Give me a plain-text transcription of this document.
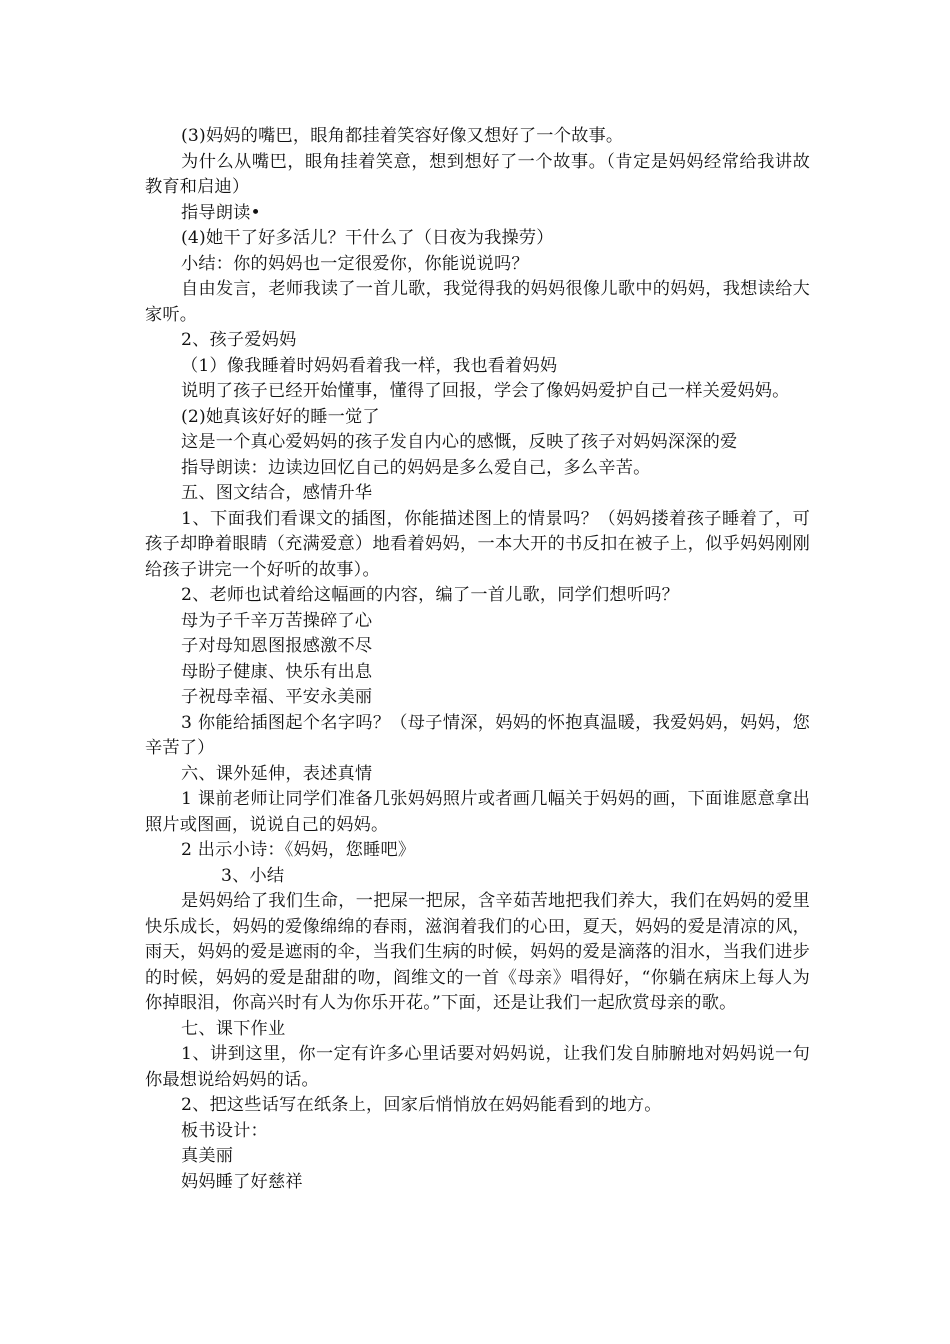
(3)妈妈的嘴巴，眼角都挂着笑容好像又想好了一个故事。

为什么从嘴巴，眼角挂着笑意，想到想好了一个故事。（肯定是妈妈经常给我讲故教育和启迪）

指导朗读•

(4)她干了好多活儿？干什么了（日夜为我操劳）

小结：你的妈妈也一定很爱你，你能说说吗？

自由发言，老师我读了一首儿歌，我觉得我的妈妈很像儿歌中的妈妈，我想读给大家听。

2、孩子爱妈妈

（1）像我睡着时妈妈看着我一样，我也看着妈妈

说明了孩子已经开始懂事，懂得了回报，学会了像妈妈爱护自己一样关爱妈妈。

(2)她真该好好的睡一觉了

这是一个真心爱妈妈的孩子发自内心的感慨，反映了孩子对妈妈深深的爱

指导朗读：边读边回忆自己的妈妈是多么爱自己，多么辛苦。

五、图文结合，感情升华

1、下面我们看课文的插图，你能描述图上的情景吗？（妈妈搂着孩子睡着了，可孩子却睁着眼睛（充满爱意）地看着妈妈，一本大开的书反扣在被子上，似乎妈妈刚刚给孩子讲完一个好听的故事）。

2、老师也试着给这幅画的内容，编了一首儿歌，同学们想听吗？

母为子千辛万苦操碎了心

子对母知恩图报感激不尽

母盼子健康、快乐有出息

子祝母幸福、平安永美丽

3 你能给插图起个名字吗？（母子情深，妈妈的怀抱真温暖，我爱妈妈，妈妈，您辛苦了）

六、课外延伸，表述真情

1 课前老师让同学们准备几张妈妈照片或者画几幅关于妈妈的画，下面谁愿意拿出照片或图画，说说自己的妈妈。

2 出示小诗：《妈妈，您睡吧》

3、小结

是妈妈给了我们生命，一把屎一把尿，含辛茹苦地把我们养大，我们在妈妈的爱里快乐成长，妈妈的爱像绵绵的春雨，滋润着我们的心田，夏天，妈妈的爱是清凉的风，雨天，妈妈的爱是遮雨的伞，当我们生病的时候，妈妈的爱是滴落的泪水，当我们进步的时候，妈妈的爱是甜甜的吻，阎维文的一首《母亲》唱得好，“你躺在病床上每人为你掉眼泪，你高兴时有人为你乐开花。”下面，还是让我们一起欣赏母亲的歌。

七、课下作业

1、讲到这里，你一定有许多心里话要对妈妈说，让我们发自肺腑地对妈妈说一句你最想说给妈妈的话。

2、把这些话写在纸条上，回家后悄悄放在妈妈能看到的地方。

板书设计：

真美丽

妈妈睡了好慈祥
